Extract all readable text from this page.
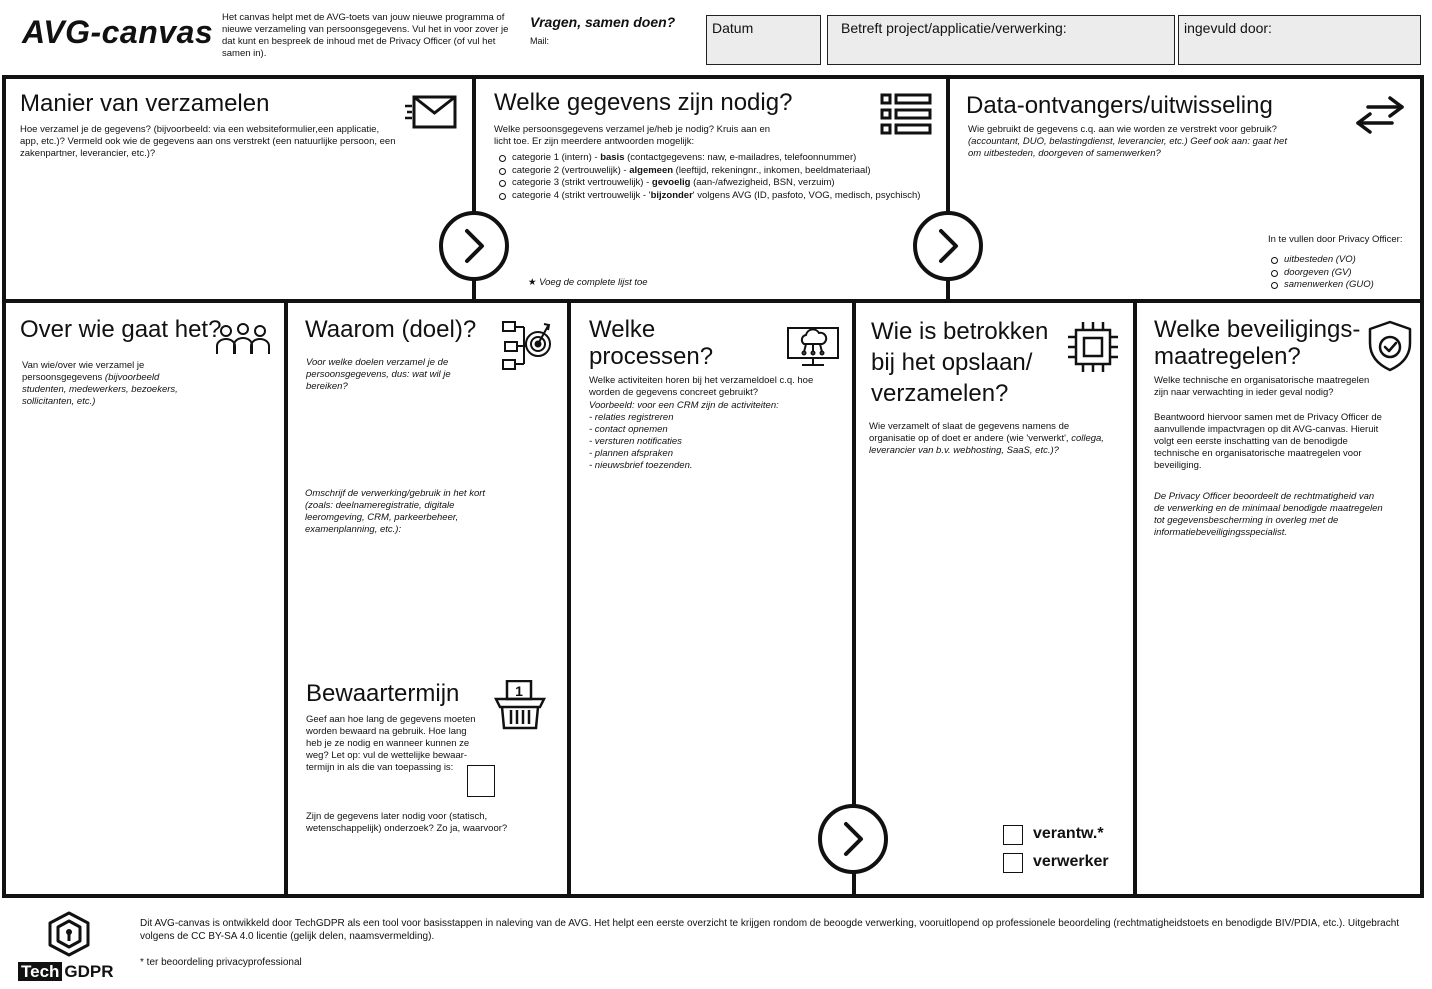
AVG-canvas Het canvas helpt met de AVG-toets van jouw nieuwe programma of nieuwe verzameling van persoonsgegevens. Vul het in voor zover je dat kunt en bespreek de inhoud met de Privacy Officer (of vul het samen in).
Vragen, samen doen?
Mail:
Datum	Betreft project/applicatie/verwerking:	ingevuld door:
Manier van verzamelen
Hoe verzamel je de gegevens? (bijvoorbeeld: via een websiteformulier,een applicatie, app, etc.)? Vermeld ook wie de gegevens aan ons verstrekt (een natuurlijke persoon, een zakenpartner, leverancier, etc.)?
Welke gegevens zijn nodig?
Welke persoonsgegevens verzamel je/heb je nodig? Kruis aan en licht toe. Er zijn meerdere antwoorden mogelijk:
categorie 1 (intern) - basis (contactgegevens: naw, e-mailadres, telefoonnummer)
categorie 2 (vertrouwelijk) - algemeen (leeftijd, rekeningnr., inkomen, beeldmateriaal)
categorie 3 (strikt vertrouwelijk) - gevoelig (aan-/afwezigheid, BSN, verzuim)
categorie 4 (strikt vertrouwelijk - 'bijzonder' volgens AVG (ID, pasfoto, VOG, medisch, psychisch)
★ Voeg de complete lijst toe
Data-ontvangers/uitwisseling
Wie gebruikt de gegevens c.q. aan wie worden ze verstrekt voor gebruik? (accountant, DUO, belastingdienst, leverancier, etc.) Geef ook aan: gaat het om uitbesteden, doorgeven of samenwerken?
In te vullen door Privacy Officer:
uitbesteden (VO)
doorgeven (GV)
samenwerken (GUO)
Over wie gaat het?
Van wie/over wie verzamel je persoonsgegevens (bijvoorbeeld studenten, medewerkers, bezoekers, sollicitanten, etc.)
Waarom (doel)?
Voor welke doelen verzamel je de persoonsgegevens, dus: wat wil je bereiken?
Omschrijf de verwerking/gebruik in het kort (zoals: deelnameregistratie, digitale leeromgeving, CRM, parkeerbeheer, examenplanning, etc.):
Bewaartermijn
Geef aan hoe lang de gegevens moeten worden bewaard na gebruik. Hoe lang heb je ze nodig en wanneer kunnen ze weg? Let op: vul de wettelijke bewaar-termijn in als die van toepassing is:
Zijn de gegevens later nodig voor (statisch, wetenschappelijk) onderzoek? Zo ja, waarvoor?
1
Welke
processen?
Welke activiteiten horen bij het verzameldoel c.q. hoe worden de gegevens concreet gebruikt?
Voorbeeld: voor een CRM zijn de activiteiten:
- relaties registreren
- contact opnemen
- versturen notificaties
- plannen afspraken
- nieuwsbrief toezenden.
Wie is betrokken
bij het opslaan/
verzamelen?
Wie verzamelt of slaat de gegevens namens de organisatie op of doet er andere (wie 'verwerkt', collega, leverancier van b.v. webhosting, SaaS, etc.)?
verantw.*
verwerker
Welke beveiligings-
maatregelen?
Welke technische en organisatorische maatregelen zijn naar verwachting in ieder geval nodig?
Beantwoord hiervoor samen met de Privacy Officer de aanvullende impactvragen op dit AVG-canvas. Hieruit volgt een eerste inschatting van de benodigde technische en organisatorische maatregelen voor beveiliging.
De Privacy Officer beoordeelt de rechtmatigheid van de verwerking en de minimaal benodigde maatregelen tot gegevensbescherming in overleg met de informatiebeveiligingsspecialist.
Tech GDPR
Dit AVG-canvas is ontwikkeld door TechGDPR als een tool voor basisstappen in naleving van de AVG. Het helpt een eerste overzicht te krijgen rondom de beoogde verwerking, vooruitlopend op professionele beoordeling (rechtmatigheidstoets en benodigde BIV/PDIA, etc.). Uitgebracht volgens de CC BY-SA 4.0 licentie (gelijk delen, naamsvermelding).
* ter beoordeling privacyprofessional
